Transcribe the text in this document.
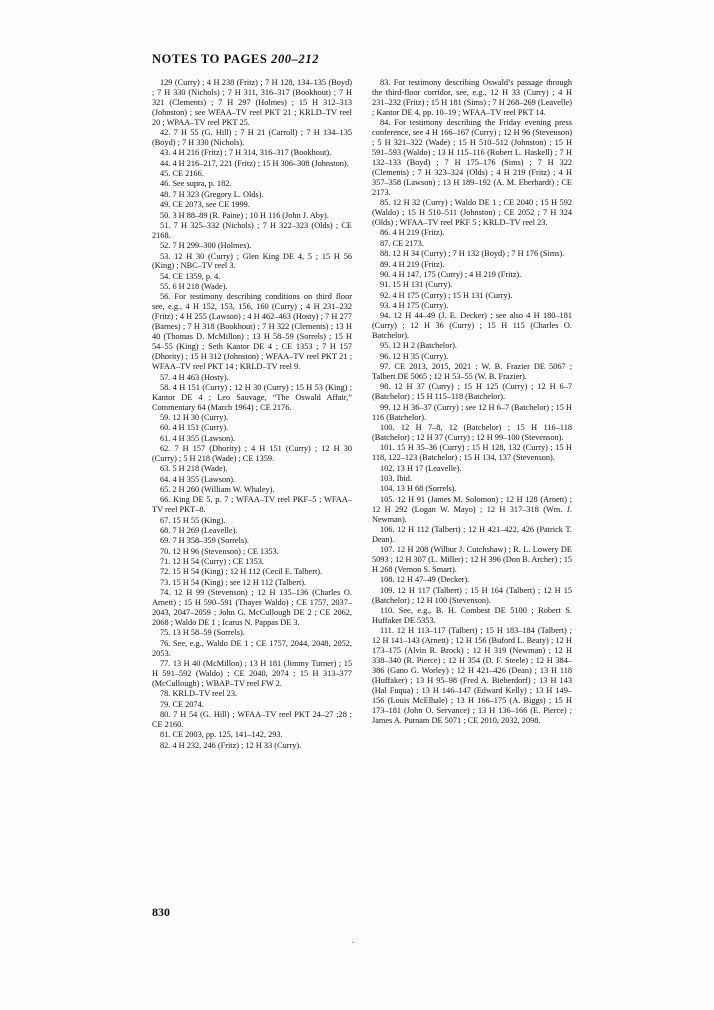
NOTES TO PAGES 200–212

129 (Curry) ; 4 H 238 (Fritz) ; 7 H 128, 134–135 (Boyd) ; 7 H 330 (Nichols) ; 7 H 311, 316–317 (Bookhout) ; 7 H 321 (Clements) ; 7 H 297 (Holmes) ; 15 H 312–313 (Johnston) ; see WFAA–TV reel PKT 21 ; KRLD–TV reel 20 ; WPAA–TV reel PKT 25.

42. 7 H 55 (G. Hill) ; 7 H 21 (Carroll) ; 7 H 134–135 (Boyd) ; 7 H 330 (Nichols).

43. 4 H 216 (Fritz) ; 7 H 314, 316–317 (Bookhout).

44. 4 H 216–217, 221 (Fritz) ; 15 H 306–308 (Johnston).

45. CE 2166.

46. See supra, p. 182.

48. 7 H 323 (Gregory L. Olds).

49. CE 2073, see CE 1999.

50. 3 H 88–89 (R. Paine) ; 10 H 116 (John J. Aby).

51. 7 H 325–332 (Nichols) ; 7 H 322–323 (Olds) ; CE 2168.

52. 7 H 299–300 (Holmes).

53. 12 H 30 (Curry) ; Glen King DE 4, 5 ; 15 H 56 (King) ; NBC–TV reel 3.

54. CE 1359, p. 4.

55. 6 H 218 (Wade).

56. For testimony describing conditions on third floor see, e.g., 4 H 152, 153, 156, 160 (Curry) ; 4 H 231–232 (Fritz) ; 4 H 255 (Lawson) ; 4 H 462–463 (Hosty) ; 7 H 277 (Barnes) ; 7 H 318 (Bookhout) ; 7 H 322 (Clements) ; 13 H 40 (Thomas D. McMillon) ; 13 H 58–59 (Sorrels) ; 15 H 54–55 (King) ; Seth Kantor DE 4 ; CE 1353 ; 7 H 157 (Dhority) ; 15 H 312 (Johnston) ; WFAA–TV reel PKT 21 ; WFAA–TV reel PKT 14 ; KRLD–TV reel 9.

57. 4 H 463 (Hosty).

58. 4 H 151 (Curry) ; 12 H 30 (Curry) ; 15 H 53 (King) ; Kantor DE 4 ; Leo Sauvage, “The Oswald Affair,” Commentary 64 (March 1964) ; CE 2176.

59. 12 H 30 (Curry).

60. 4 H 151 (Curry).

61. 4 H 355 (Lawson).

62. 7 H 157 (Dhority) ; 4 H 151 (Curry) ; 12 H 30 (Curry) ; 5 H 218 (Wade) ; CE 1359.

63. 5 H 218 (Wade).

64. 4 H 355 (Lawson).

65. 2 H 260 (William W. Whaley).

66. King DE 5, p. 7 ; WFAA–TV reel PKF–5 ; WFAA–TV reel PKT–8.

67. 15 H 55 (King).

68. 7 H 269 (Leavelle).

69. 7 H 358–359 (Sorrels).

70. 12 H 96 (Stevenson) ; CE 1353.

71. 12 H 54 (Curry) ; CE 1353.

72. 15 H 54 (King) ; 12 H 112 (Cecil E. Talbert).

73. 15 H 54 (King) ; see 12 H 112 (Talbert).

74. 12 H 99 (Stevenson) ; 12 H 135–136 (Charles O. Arnett) ; 15 H 590–591 (Thayer Waldo) ; CE 1757, 2037–2043, 2047–2059 ; John G. McCullough DE 2 ; CE 2062, 2068 ; Waldo DE 1 ; Icarus N. Pappas DE 3.

75. 13 H 58–59 (Sorrels).

76. See, e.g., Waldo DE 1 ; CE 1757, 2044, 2048, 2052, 2053.

77. 13 H 40 (McMillon) ; 13 H 181 (Jimmy Turner) ; 15 H 591–592 (Waldo) ; CE 2040, 2074 ; 15 H 313–377 (McCullough) ; WBAP–TV reel FW 2.

78. KRLD–TV reel 23.

79. CE 2074.

80. 7 H 54 (G. Hill) ; WFAA–TV reel PKT 24–27 ;28 ; CE 2160.

81. CE 2003, pp. 125, 141–142, 293.

82. 4 H 232, 246 (Fritz) ; 12 H 33 (Curry).

83. For testimony describing Oswald’s passage through the third-floor corridor, see, e.g., 12 H 33 (Curry) ; 4 H 231–232 (Fritz) ; 15 H 181 (Sims) ; 7 H 268–269 (Leavelle) ; Kantor DE 4, pp. 10–19 ; WFAA–TV reel PKT 14.

84. For testimony describing the Friday evening press conference, see 4 H 166–167 (Curry) ; 12 H 96 (Stevenson) ; 5 H 321–322 (Wade) ; 15 H 510–512 (Johnston) ; 15 H 591–593 (Waldo) ; 13 H 115–116 (Robert L. Haskell) ; 7 H 132–133 (Boyd) ; 7 H 175–176 (Sims) ; 7 H 322 (Clements) ; 7 H 323–324 (Olds) ; 4 H 219 (Fritz) ; 4 H 357–358 (Lawson) ; 13 H 189–192 (A. M. Eberhardt) ; CE 2173.

85. 12 H 32 (Curry) ; Waldo DE 1 ; CE 2040 ; 15 H 592 (Waldo) ; 15 H 510–511 (Johnston) ; CE 2052 ; 7 H 324 (Olds) ; WFAA–TV reel PKF 5 ; KRLD–TV reel 23.

86. 4 H 219 (Fritz).

87. CE 2173.

88. 12 H 34 (Curry) ; 7 H 132 (Boyd) ; 7 H 176 (Sims).

89. 4 H 219 (Fritz).

90. 4 H 147, 175 (Curry) ; 4 H 219 (Fritz).

91. 15 H 131 (Curry).

92. 4 H 175 (Curry) ; 15 H 131 (Curry).

93. 4 H 175 (Curry).

94. 12 H 44–49 (J. E. Decker) ; see also 4 H 180–181 (Curry) ; 12 H 36 (Curry) ; 15 H 115 (Charles O. Batchelor).

95. 12 H 2 (Batchelor).

96. 12 H 35 (Curry).

97. CE 2013, 2015, 2021 ; W. B. Frazier DE 5067 ; Talbert DE 5065 ; 12 H 53–55 (W. B. Frazier).

98. 12 H 37 (Curry) ; 15 H 125 (Curry) ; 12 H 6–7 (Batchelor) ; 15 H 115–118 (Batchelor).

99. 12 H 36–37 (Curry) ; see 12 H 6–7 (Batchelor) ; 15 H 116 (Batchelor).

100. 12 H 7–8, 12 (Batchelor) ; 15 H 116–118 (Batchelor) ; 12 H 37 (Curry) ; 12 H 99–100 (Stevenson).

101. 15 H 35–36 (Curry) ; 15 H 128, 132 (Curry) ; 15 H 118, 122–123 (Batchelor) ; 15 H 134, 137 (Stevenson).

102. 13 H 17 (Leavelle).

103. Ibid.

104. 13 H 68 (Sorrels).

105. 12 H 91 (James M. Solomon) ; 12 H 128 (Arnett) ; 12 H 292 (Logan W. Mayo) ; 12 H 317–318 (Wm. J. Newman).

106. 12 H 112 (Talbert) ; 12 H 421–422, 426 (Patrick T. Dean).

107. 12 H 208 (Wilbur J. Cutchshaw) ; R. L. Lowery DE 5093 ; 12 H 307 (L. Miller) ; 12 H 396 (Don B. Archer) ; 15 H 268 (Vernon S. Smart).

108. 12 H 47–49 (Decker).

109. 12 H 117 (Talbert) ; 15 H 164 (Talbert) ; 12 H 15 (Batchelor) ; 12 H 100 (Stevenson).

110. See, e.g., B. H. Combest DE 5100 ; Robert S. Huffaker DE 5353.

111. 12 H 113–117 (Talbert) ; 15 H 183–184 (Talbert) ; 12 H 141–143 (Arnett) ; 12 H 156 (Buford L. Beaty) ; 12 H 173–175 (Alvin R. Brock) ; 12 H 319 (Newman) ; 12 H 338–340 (R. Pierce) ; 12 H 354 (D. F. Steele) ; 12 H 384–386 (Gano G. Worley) ; 12 H 421–426 (Dean) ; 13 H 118 (Huffaker) ; 13 H 95–98 (Fred A. Bieberdorf) ; 13 H 143 (Hal Fuqua) ; 13 H 146–147 (Edward Kelly) ; 13 H 149–156 (Louis McElhale) ; 13 H 166–175 (A. Biggs) ; 15 H 173–181 (John O. Servance) ; 13 H 136–166 (E. Pierce) ; James A. Putnam DE 5071 ; CE 2010, 2032, 2098.

830
.
